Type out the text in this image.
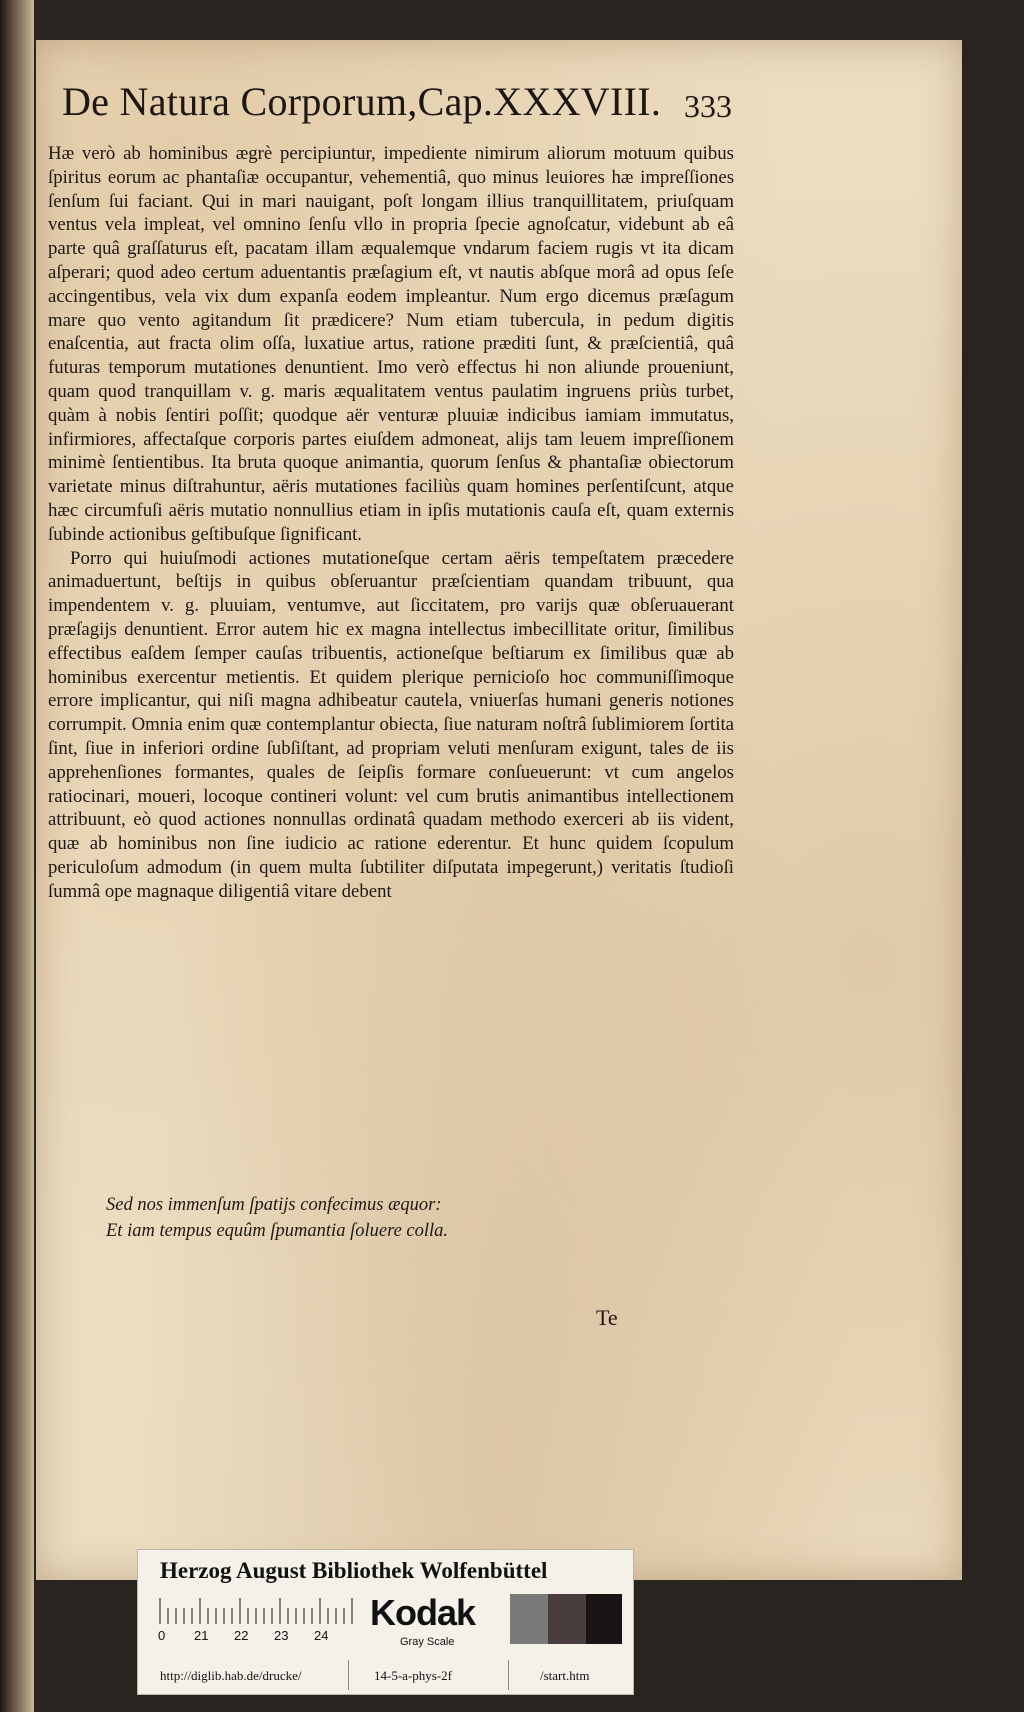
De Natura Corporum,Cap.XXXVIII. 333

Hæ verò ab hominibus ægrè percipiuntur, impediente nimirum aliorum motuum quibus ſpiritus eorum ac phantaſiæ occupantur, vehementiâ, quo minus leuiores hæ impreſſiones ſenſum ſui faciant. Qui in mari nauigant, poſt longam illius tranquillitatem, priuſquam ventus vela impleat, vel omnino ſenſu vllo in propria ſpecie agnoſcatur, videbunt ab eâ parte quâ graſſaturus eſt, pacatam illam æqualemque vndarum faciem rugis vt ita dicam aſperari; quod adeo certum aduentantis præſagium eſt, vt nautis abſque morâ ad opus ſeſe accingentibus, vela vix dum expanſa eodem impleantur. Num ergo dicemus præſagum mare quo vento agitandum ſit prædicere? Num etiam tubercula, in pedum digitis enaſcentia, aut fracta olim oſſa, luxatiue artus, ratione præditi ſunt, & præſcientiâ, quâ futuras temporum mutationes denuntient. Imo verò effectus hi non aliunde proueniunt, quam quod tranquillam v. g. maris æqualitatem ventus paulatim ingruens priùs turbet, quàm à nobis ſentiri poſſit; quodque aër venturæ pluuiæ indicibus iamiam immutatus, infirmiores, affectaſque corporis partes eiuſdem admoneat, alijs tam leuem impreſſionem minimè ſentientibus. Ita bruta quoque animantia, quorum ſenſus & phantaſiæ obiectorum varietate minus diſtrahuntur, aëris mutationes faciliùs quam homines perſentiſcunt, atque hæc circumfuſi aëris mutatio nonnullius etiam in ipſis mutationis cauſa eſt, quam externis ſubinde actionibus geſtibuſque ſignificant.

Porro qui huiuſmodi actiones mutationeſque certam aëris tempeſtatem præcedere animaduertunt, beſtijs in quibus obſeruantur præſcientiam quandam tribuunt, qua impendentem v. g. pluuiam, ventumve, aut ſiccitatem, pro varijs quæ obſeruauerant præſagijs denuntient. Error autem hic ex magna intellectus imbecillitate oritur, ſimilibus effectibus eaſdem ſemper cauſas tribuentis, actioneſque beſtiarum ex ſimilibus quæ ab hominibus exercentur metientis. Et quidem plerique pernicioſo hoc communiſſimoque errore implicantur, qui niſi magna adhibeatur cautela, vniuerſas humani generis notiones corrumpit. Omnia enim quæ contemplantur obiecta, ſiue naturam noſtrâ ſublimiorem ſortita ſint, ſiue in inferiori ordine ſubſiſtant, ad propriam veluti menſuram exigunt, tales de iis apprehenſiones formantes, quales de ſeipſis formare conſueuerunt: vt cum angelos ratiocinari, moueri, locoque contineri volunt: vel cum brutis animantibus intellectionem attribuunt, eò quod actiones nonnullas ordinatâ quadam methodo exerceri ab iis vident, quæ ab hominibus non ſine iudicio ac ratione ederentur. Et hunc quidem ſcopulum periculoſum admodum (in quem multa ſubtiliter diſputata impegerunt,) veritatis ſtudioſi ſummâ ope magnaque diligentiâ vitare debent

Sed nos immenſum ſpatijs confecimus æquor:
Et iam tempus equûm ſpumantia ſoluere colla.
Te
Herzog August Bibliothek Wolfenbüttel
0 21 22 23 24
Kodak
Gray Scale
http://diglib.hab.de/drucke/	14-5-a-phys-2f	/start.htm
